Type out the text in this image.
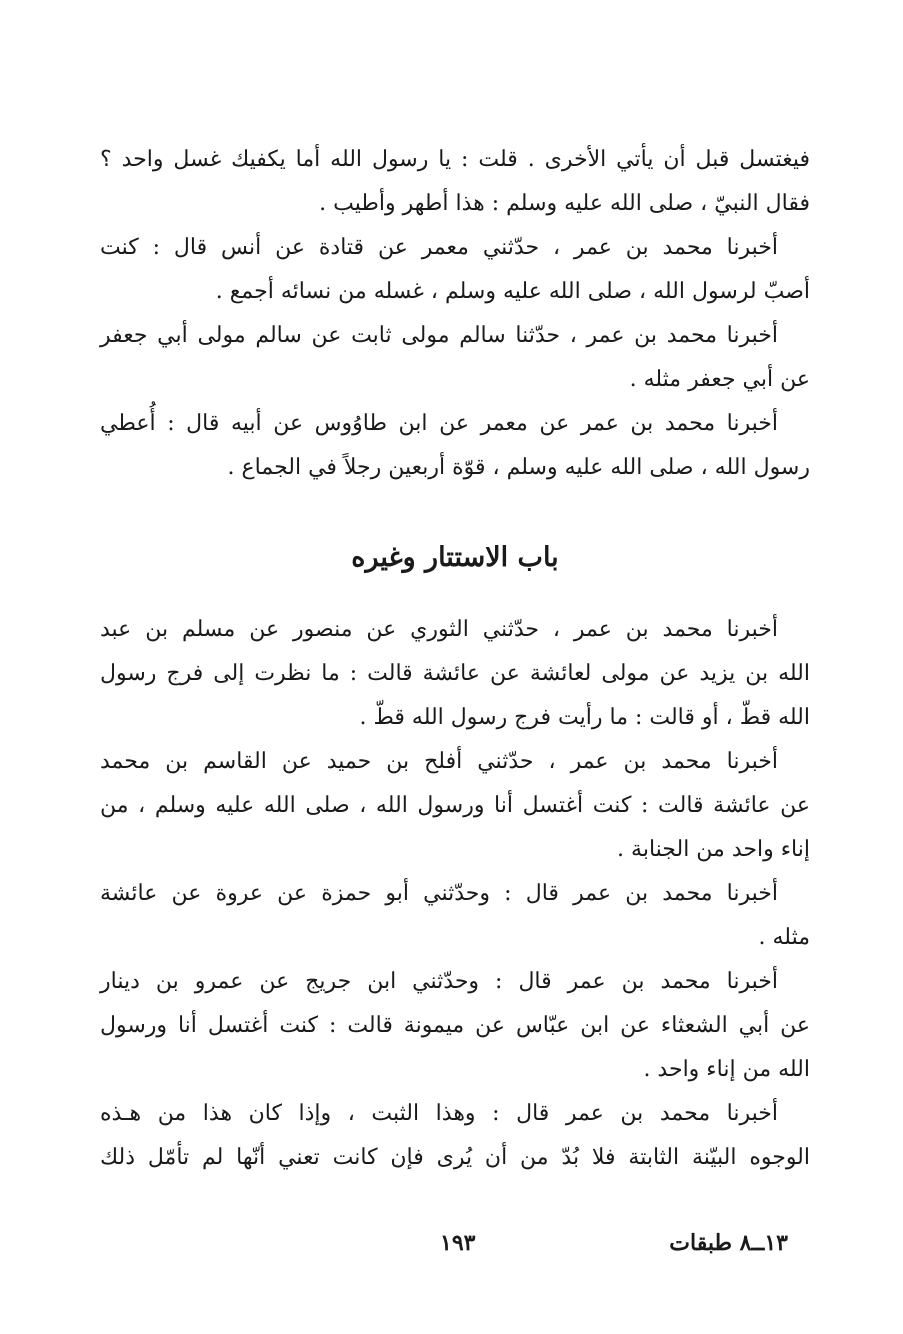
فيغتسل قبل أن يأتي الأخرى . قلت : يا رسول الله أما يكفيك غسل واحد ؟
فقال النبيّ ، صلى الله عليه وسلم : هذا أطهر وأطيب .
أخبرنا محمد بن عمر ، حدّثني معمر عن قتادة عن أنس قال : كنت
أصبّ لرسول الله ، صلى الله عليه وسلم ، غسله من نسائه أجمع .
أخبرنا محمد بن عمر ، حدّثنا سالم مولى ثابت عن سالم مولى أبي جعفر
عن أبي جعفر مثله .
أخبرنا محمد بن عمر عن معمر عن ابن طاوُوس عن أبيه قال : أُعطي
رسول الله ، صلى الله عليه وسلم ، قوّة أربعين رجلاً في الجماع .
باب الاستتار وغيره
أخبرنا محمد بن عمر ، حدّثني الثوري عن منصور عن مسلم بن عبد
الله بن يزيد عن مولى لعائشة عن عائشة قالت : ما نظرت إلى فرج رسول
الله قطّ ، أو قالت : ما رأيت فرج رسول الله قطّ .
أخبرنا محمد بن عمر ، حدّثني أفلح بن حميد عن القاسم بن محمد
عن عائشة قالت : كنت أغتسل أنا ورسول الله ، صلى الله عليه وسلم ، من
إناء واحد من الجنابة .
أخبرنا محمد بن عمر قال : وحدّثني أبو حمزة عن عروة عن عائشة
مثله .
أخبرنا محمد بن عمر قال : وحدّثني ابن جريج عن عمرو بن دينار
عن أبي الشعثاء عن ابن عبّاس عن ميمونة قالت : كنت أغتسل أنا ورسول
الله من إناء واحد .
أخبرنا محمد بن عمر قال : وهذا الثبت ، وإذا كان هذا من هـذه
الوجوه البيّنة الثابتة فلا بُدّ من أن يُرى فإن كانت تعني أنّها لم تأمّل ذلك
١٣ــ٨ طبقات
١٩٣
